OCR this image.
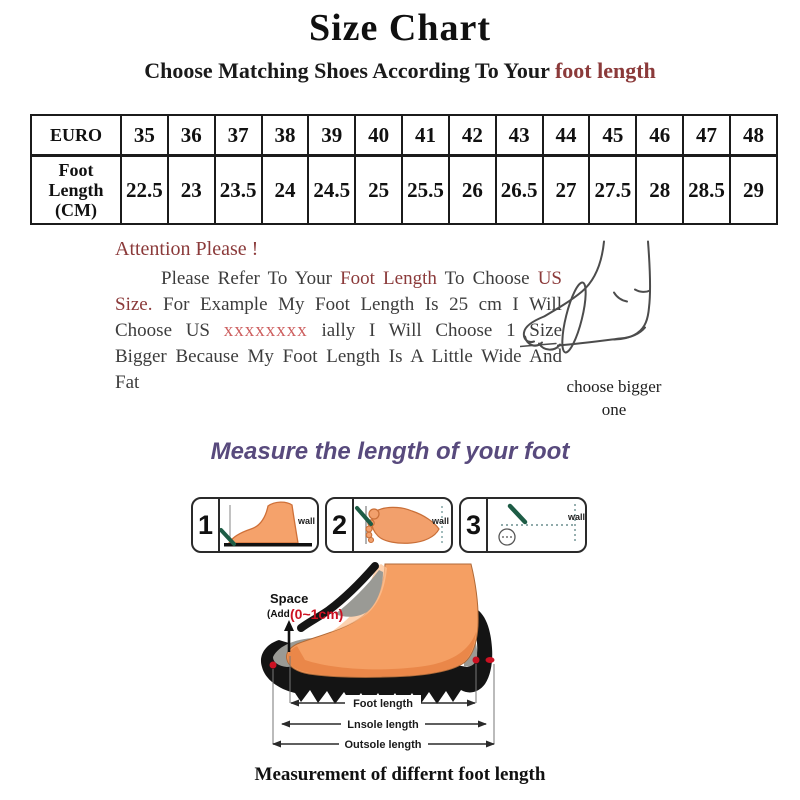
Size Chart
Choose Matching Shoes According To Your foot length
EURO	35	36	37	38	39	40	41	42	43	44	45	46	47	48
Foot Length (CM)	22.5	23	23.5	24	24.5	25	25.5	26	26.5	27	27.5	28	28.5	29

Attention Please !

Please Refer To Your Foot Length To Choose US Size. For Example My Foot Length Is 25 cm I Will Choose US xxxxxxxx ially I Will Choose 1 Size Bigger Because My Foot Length Is A Little Wide And Fat	choose bigger one
Measure the length of your foot
1	wall 2	wall 3	wall
Space
(Add (0~1cm)
Foot length
Lnsole length
Outsole length
Measurement of differnt foot length
